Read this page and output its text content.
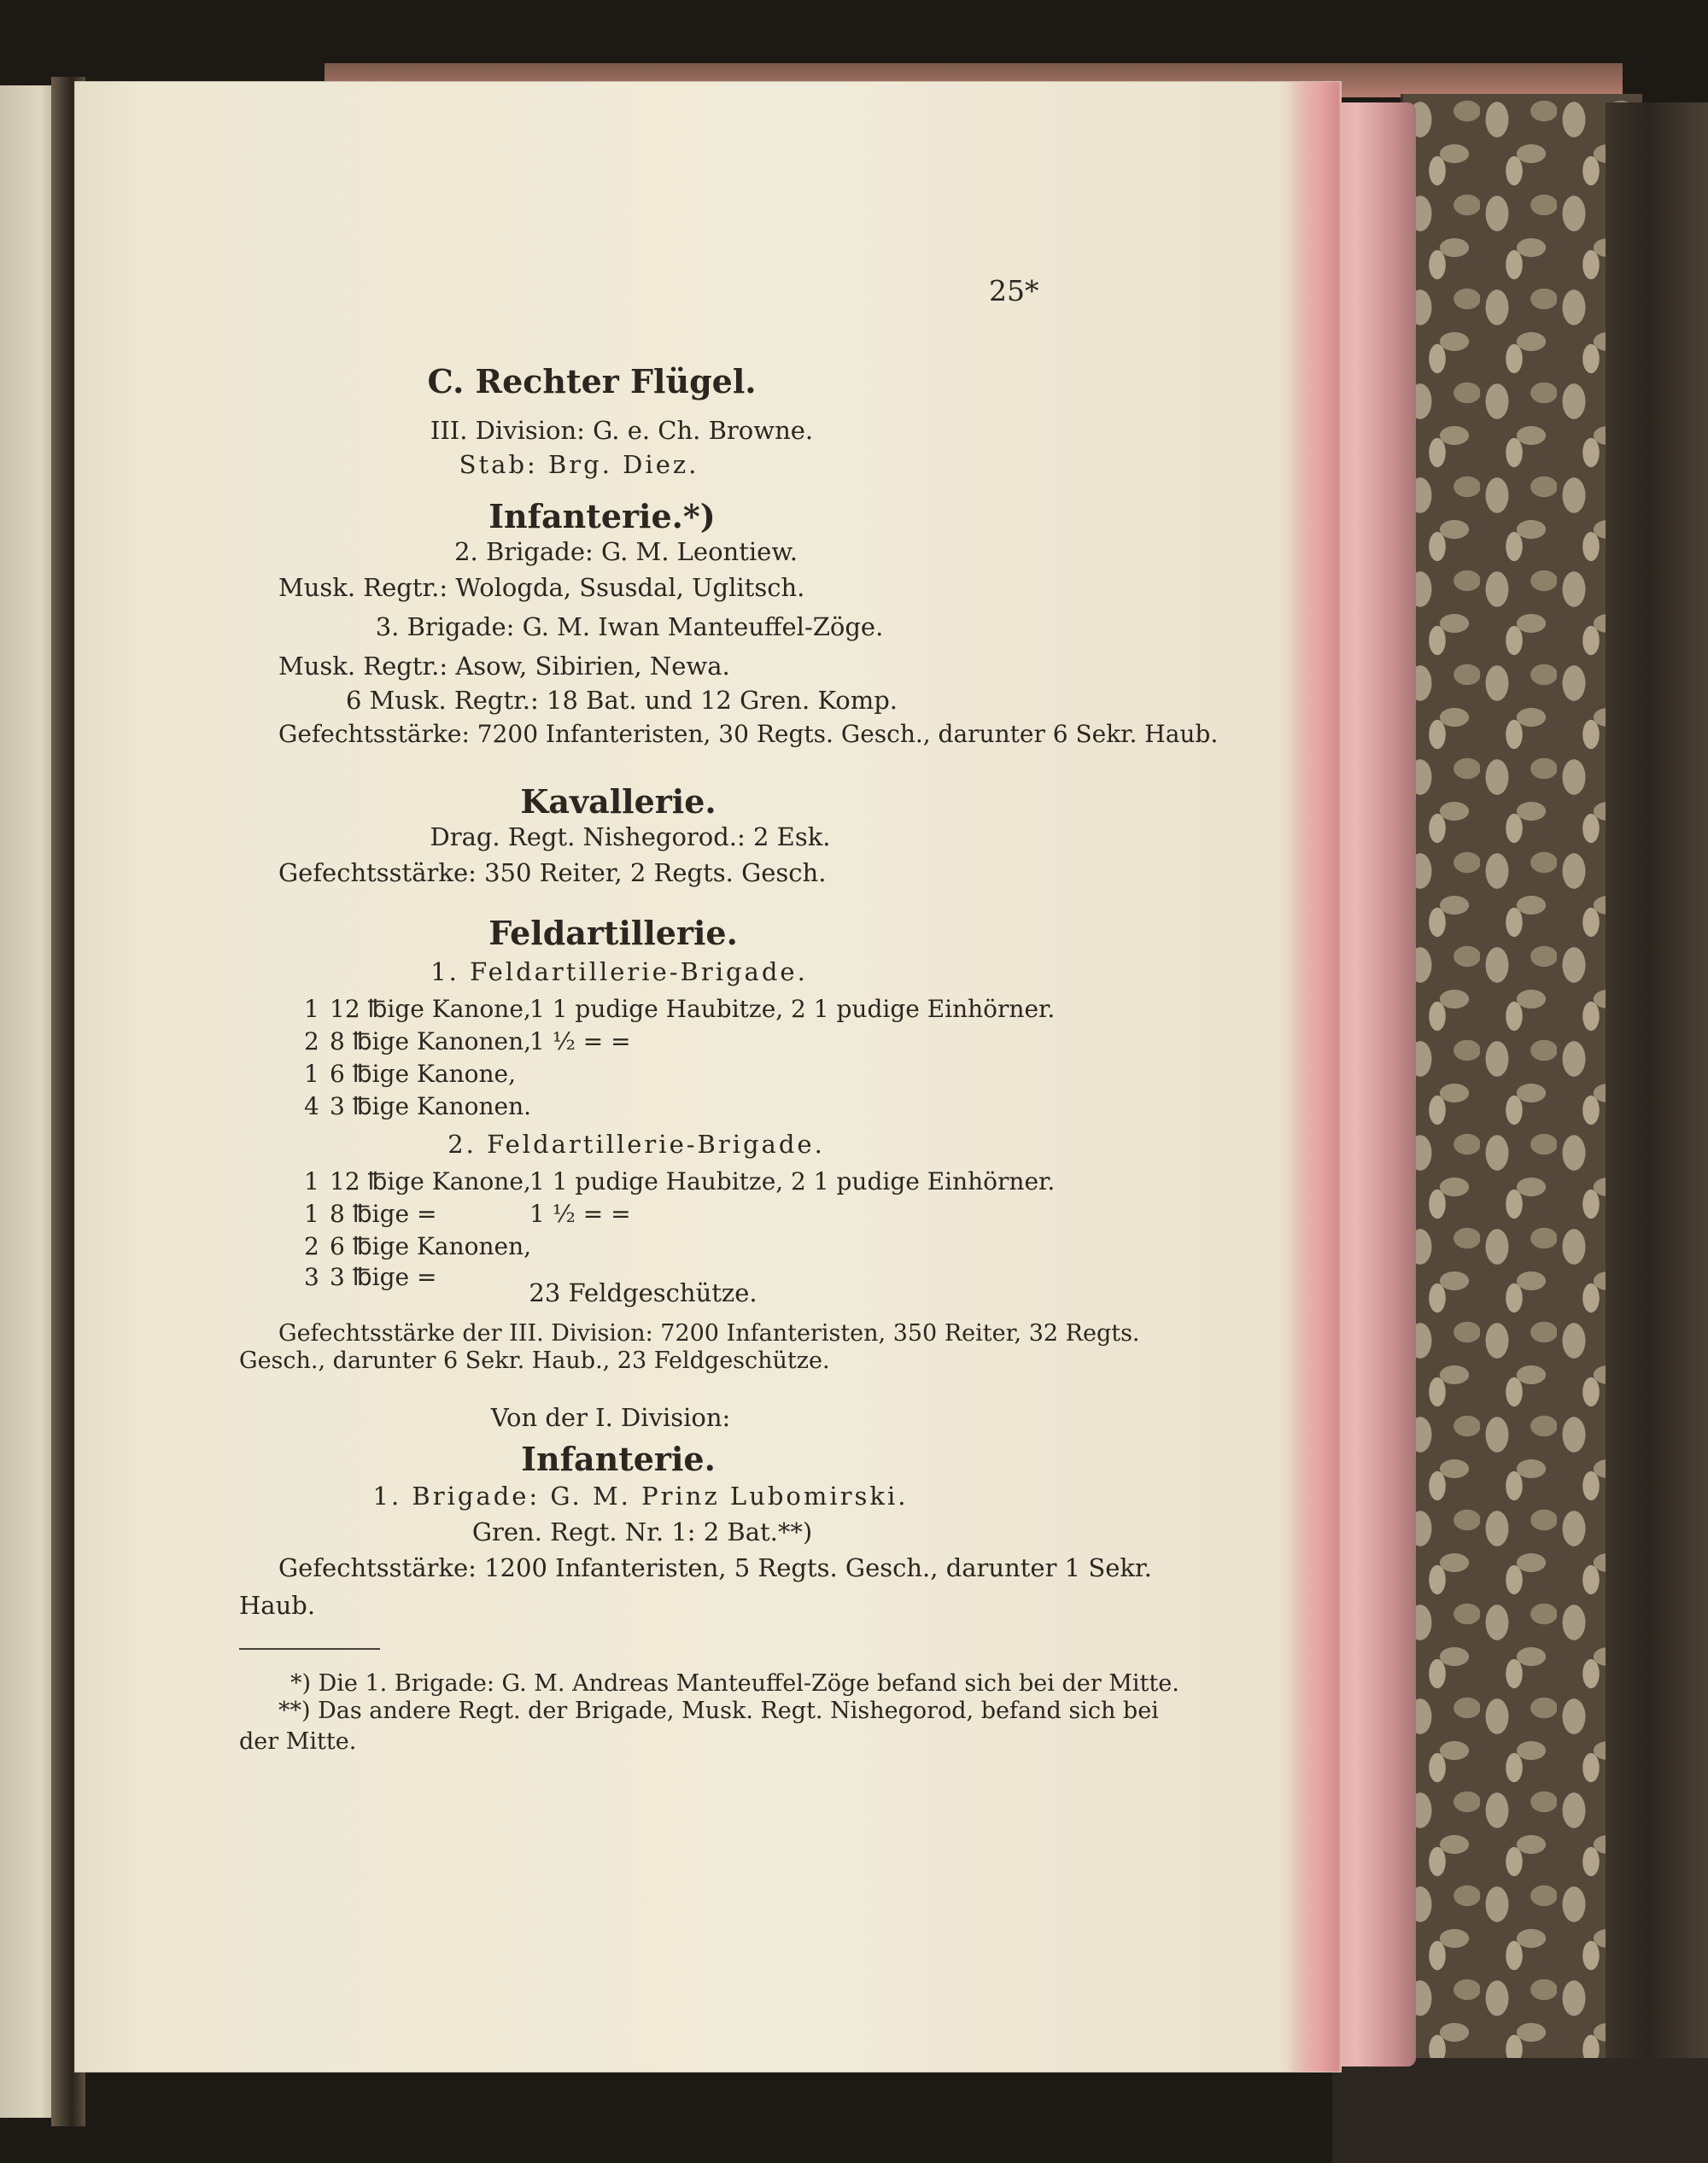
25*
C. Rechter Flügel.
III. Division: G. e. Ch. Browne.
Stab: Brg. Diez.
Infanterie.*)
2. Brigade: G. M. Leontiew.
Musk. Regtr.: Wologda, Ssusdal, Uglitsch.
3. Brigade: G. M. Iwan Manteuffel-Zöge.
Musk. Regtr.: Asow, Sibirien, Newa.
6 Musk. Regtr.: 18 Bat. und 12 Gren. Komp.
Gefechtsstärke: 7200 Infanteristen, 30 Regts. Gesch., darunter 6 Sekr. Haub.
Kavallerie.
Drag. Regt. Nishegorod.: 2 Esk.
Gefechtsstärke: 350 Reiter, 2 Regts. Gesch.
Feldartillerie.
1. Feldartillerie-Brigade.
1 12 ℔ige Kanone,
1 1 pudige Haubitze, 2 1 pudige Einhörner.
2 8 ℔ige Kanonen,
1 ½ = =
1 6 ℔ige Kanone,
4 3 ℔ige Kanonen.
2. Feldartillerie-Brigade.
1 12 ℔ige Kanone,
1 1 pudige Haubitze, 2 1 pudige Einhörner.
1 8 ℔ige =	1 ½ = =
2 6 ℔ige Kanonen,
3 3 ℔ige =
23 Feldgeschütze.
Gefechtsstärke der III. Division: 7200 Infanteristen, 350 Reiter, 32 Regts.
Gesch., darunter 6 Sekr. Haub., 23 Feldgeschütze.
Von der I. Division:
Infanterie.
1. Brigade: G. M. Prinz Lubomirski.
Gren. Regt. Nr. 1: 2 Bat.**)
Gefechtsstärke: 1200 Infanteristen, 5 Regts. Gesch., darunter 1 Sekr.
Haub.
*) Die 1. Brigade: G. M. Andreas Manteuffel-Zöge befand sich bei der Mitte.
**) Das andere Regt. der Brigade, Musk. Regt. Nishegorod, befand sich bei
der Mitte.
